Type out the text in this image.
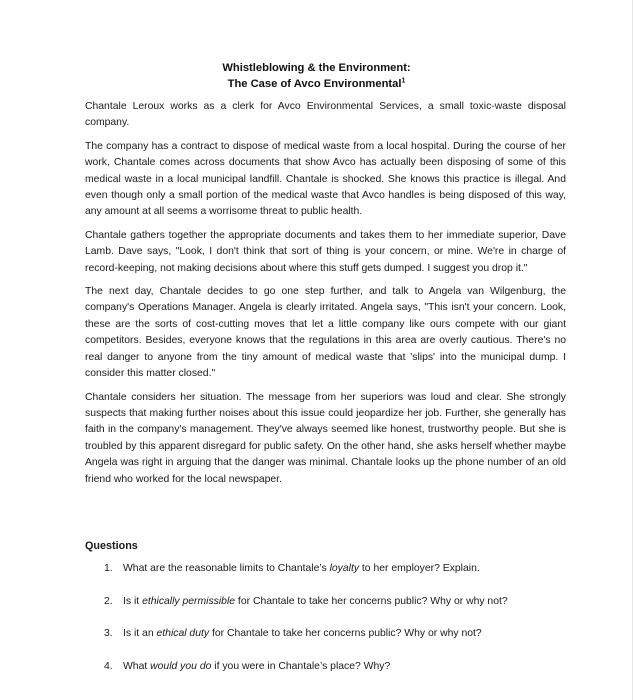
Whistleblowing & the Environment:
The Case of Avco Environmental$^1$

Chantale Leroux works as a clerk for Avco Environmental Services, a small toxic-waste disposal company.

The company has a contract to dispose of medical waste from a local hospital. During the course of her work, Chantale comes across documents that show Avco has actually been disposing of some of this medical waste in a local municipal landfill. Chantale is shocked. She knows this practice is illegal. And even though only a small portion of the medical waste that Avco handles is being disposed of this way, any amount at all seems a worrisome threat to public health.

Chantale gathers together the appropriate documents and takes them to her immediate superior, Dave Lamb. Dave says, "Look, I don't think that sort of thing is your concern, or mine. We're in charge of record-keeping, not making decisions about where this stuff gets dumped. I suggest you drop it."

The next day, Chantale decides to go one step further, and talk to Angela van Wilgenburg, the company's Operations Manager. Angela is clearly irritated. Angela says, "This isn't your concern. Look, these are the sorts of cost-cutting moves that let a little company like ours compete with our giant competitors. Besides, everyone knows that the regulations in this area are overly cautious. There's no real danger to anyone from the tiny amount of medical waste that 'slips' into the municipal dump. I consider this matter closed."

Chantale considers her situation. The message from her superiors was loud and clear. She strongly suspects that making further noises about this issue could jeopardize her job. Further, she generally has faith in the company's management. They've always seemed like honest, trustworthy people. But she is troubled by this apparent disregard for public safety. On the other hand, she asks herself whether maybe Angela was right in arguing that the danger was minimal. Chantale looks up the phone number of an old friend who worked for the local newspaper.

Questions
1. What are the reasonable limits to Chantale’s loyalty to her employer? Explain.
2. Is it ethically permissible for Chantale to take her concerns public? Why or why not?
3. Is it an ethical duty for Chantale to take her concerns public? Why or why not?
4. What would you do if you were in Chantale’s place? Why?
